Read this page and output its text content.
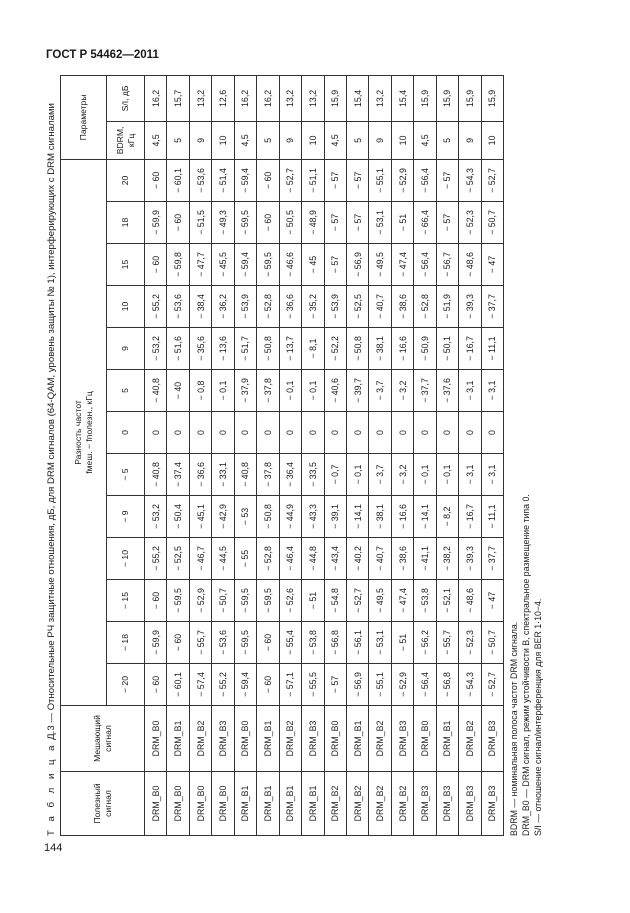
ГОСТ Р 54462—2011
144
Т а б л и ц а Д.3 — Относительные РЧ защитные отношения, дБ, для DRM сигналов (64-QAM, уровень защиты № 1), интерферирующих с DRM сигналами
Полезный сигнал	Мешающий сигнал	Разность частот fмеш. − fполезн., кГц													Параметры	
		− 20	− 18	− 15	− 10	− 9	− 5	0	5	9	10	15	18	20	BDRM, кГц	S/I, дБ
DRM_B0	DRM_B0	− 60	− 59,9	− 60	− 55,2	− 53,2	− 40,8	0	− 40,8	− 53,2	− 55,2	− 60	− 59,9	− 60	4,5	16,2
DRM_B0	DRM_B1	− 60,1	− 60	− 59,5	− 52,5	− 50,4	− 37,4	0	− 40	− 51,6	− 53,6	− 59,8	− 60	− 60,1	5	15,7
DRM_B0	DRM_B2	− 57,4	− 55,7	− 52,9	− 46,7	− 45,1	− 36,6	0	− 0,8	− 35,6	− 38,4	− 47,7	− 51,5	− 53,6	9	13,2
DRM_B0	DRM_B3	− 55,2	− 53,6	− 50,7	− 44,5	− 42,9	− 33,1	0	− 0,1	− 13,6	− 36,2	− 45,5	− 49,3	− 51,4	10	12,6
DRM_B1	DRM_B0	− 59,4	− 59,5	− 59,5	− 55	− 53	− 40,8	0	− 37,9	− 51,7	− 53,9	− 59,4	− 59,5	− 59,4	4,5	16,2
DRM_B1	DRM_B1	− 60	− 60	− 59,5	− 52,8	− 50,8	− 37,8	0	− 37,8	− 50,8	− 52,8	− 59,5	− 60	− 60	5	16,2
DRM_B1	DRM_B2	− 57,1	− 55,4	− 52,6	− 46,4	− 44,9	− 36,4	0	− 0,1	− 13,7	− 36,6	− 46,6	− 50,5	− 52,7	9	13,2
DRM_B1	DRM_B3	− 55,5	− 53,8	− 51	− 44,8	− 43,3	− 33,5	0	− 0,1	− 8,1	− 35,2	− 45	− 48,9	− 51,1	10	13,2
DRM_B2	DRM_B0	− 57	− 56,8	− 54,8	− 43,4	− 39,1	− 0,7	0	− 40,6	− 52,2	− 53,9	− 57	− 57	− 57	4,5	15,9
DRM_B2	DRM_B1	− 56,9	− 56,1	− 52,7	− 40,2	− 14,1	− 0,1	0	− 39,7	− 50,8	− 52,5	− 56,9	− 57	− 57	5	15,4
DRM_B2	DRM_B2	− 55,1	− 53,1	− 49,5	− 40,7	− 38,1	− 3,7	0	− 3,7	− 38,1	− 40,7	− 49,5	− 53,1	− 55,1	9	13,2
DRM_B2	DRM_B3	− 52,9	− 51	− 47,4	− 38,6	− 16,6	− 3,2	0	− 3,2	− 16,6	− 38,6	− 47,4	− 51	− 52,9	10	15,4
DRM_B3	DRM_B0	− 56,4	− 56,2	− 53,8	− 41,1	− 14,1	− 0,1	0	− 37,7	− 50,9	− 52,8	− 56,4	− 66,4	− 56,4	4,5	15,9
DRM_B3	DRM_B1	− 56,8	− 55,7	− 52,1	− 38,2	− 8,2	− 0,1	0	− 37,6	− 50,1	− 51,9	− 56,7	− 57	− 57	5	15,9
DRM_B3	DRM_B2	− 54,3	− 52,3	− 48,6	− 39,3	− 16,7	− 3,1	0	− 3,1	− 16,7	− 39,3	− 48,6	− 52,3	− 54,3	9	15,9
DRM_B3	DRM_B3	− 52,7	− 50,7	− 47	− 37,7	− 11,1	− 3,1	0	− 3,1	− 11,1	− 37,7	− 47	− 50,7	− 52,7	10	15,9
BDRM — номинальная полоса частот DRM сигнала. DRM_B0 — DRM сигнал, режим устойчивости B, спектральное размещение типа 0. S/I — отношение сигнал/интерференция для BER 1·10−4.
